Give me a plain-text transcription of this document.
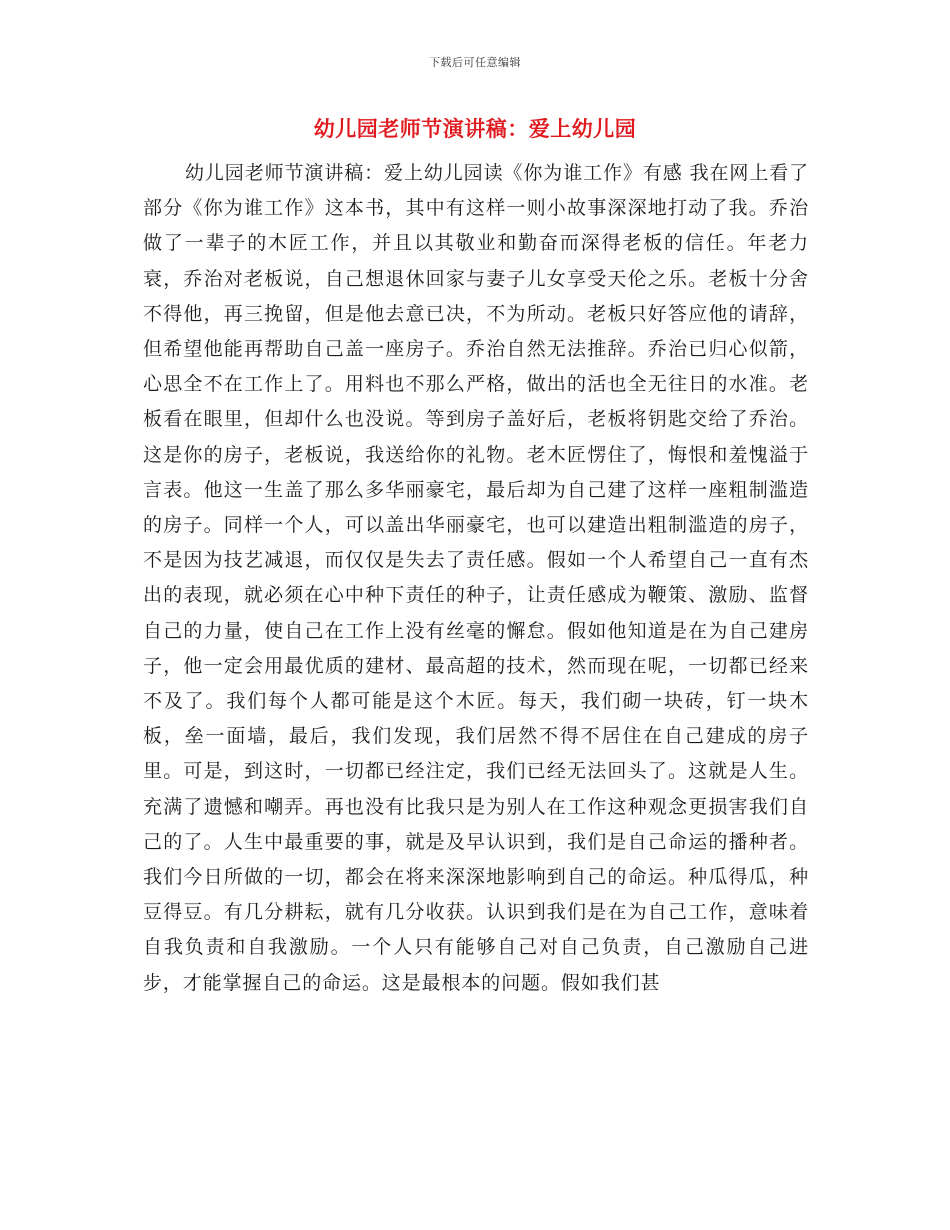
下载后可任意编辑
幼儿园老师节演讲稿：爱上幼儿园

幼儿园老师节演讲稿：爱上幼儿园读《你为谁工作》有感 我在网上看了部分《你为谁工作》这本书，其中有这样一则小故事深深地打动了我。乔治做了一辈子的木匠工作，并且以其敬业和勤奋而深得老板的信任。年老力衰，乔治对老板说，自己想退休回家与妻子儿女享受天伦之乐。老板十分舍不得他，再三挽留，但是他去意已决，不为所动。老板只好答应他的请辞，但希望他能再帮助自己盖一座房子。乔治自然无法推辞。乔治已归心似箭，心思全不在工作上了。用料也不那么严格，做出的活也全无往日的水准。老板看在眼里，但却什么也没说。等到房子盖好后，老板将钥匙交给了乔治。这是你的房子，老板说，我送给你的礼物。老木匠愣住了，悔恨和羞愧溢于言表。他这一生盖了那么多华丽豪宅，最后却为自己建了这样一座粗制滥造的房子。同样一个人，可以盖出华丽豪宅，也可以建造出粗制滥造的房子，不是因为技艺减退，而仅仅是失去了责任感。假如一个人希望自己一直有杰出的表现，就必须在心中种下责任的种子，让责任感成为鞭策、激励、监督自己的力量，使自己在工作上没有丝毫的懈怠。假如他知道是在为自己建房子，他一定会用最优质的建材、最高超的技术，然而现在呢，一切都已经来不及了。我们每个人都可能是这个木匠。每天，我们砌一块砖，钉一块木板，垒一面墙，最后，我们发现，我们居然不得不居住在自己建成的房子里。可是，到这时，一切都已经注定，我们已经无法回头了。这就是人生。充满了遗憾和嘲弄。再也没有比我只是为别人在工作这种观念更损害我们自己的了。人生中最重要的事，就是及早认识到，我们是自己命运的播种者。我们今日所做的一切，都会在将来深深地影响到自己的命运。种瓜得瓜，种豆得豆。有几分耕耘，就有几分收获。认识到我们是在为自己工作，意味着自我负责和自我激励。一个人只有能够自己对自己负责，自己激励自己进步，才能掌握自己的命运。这是最根本的问题。假如我们甚
